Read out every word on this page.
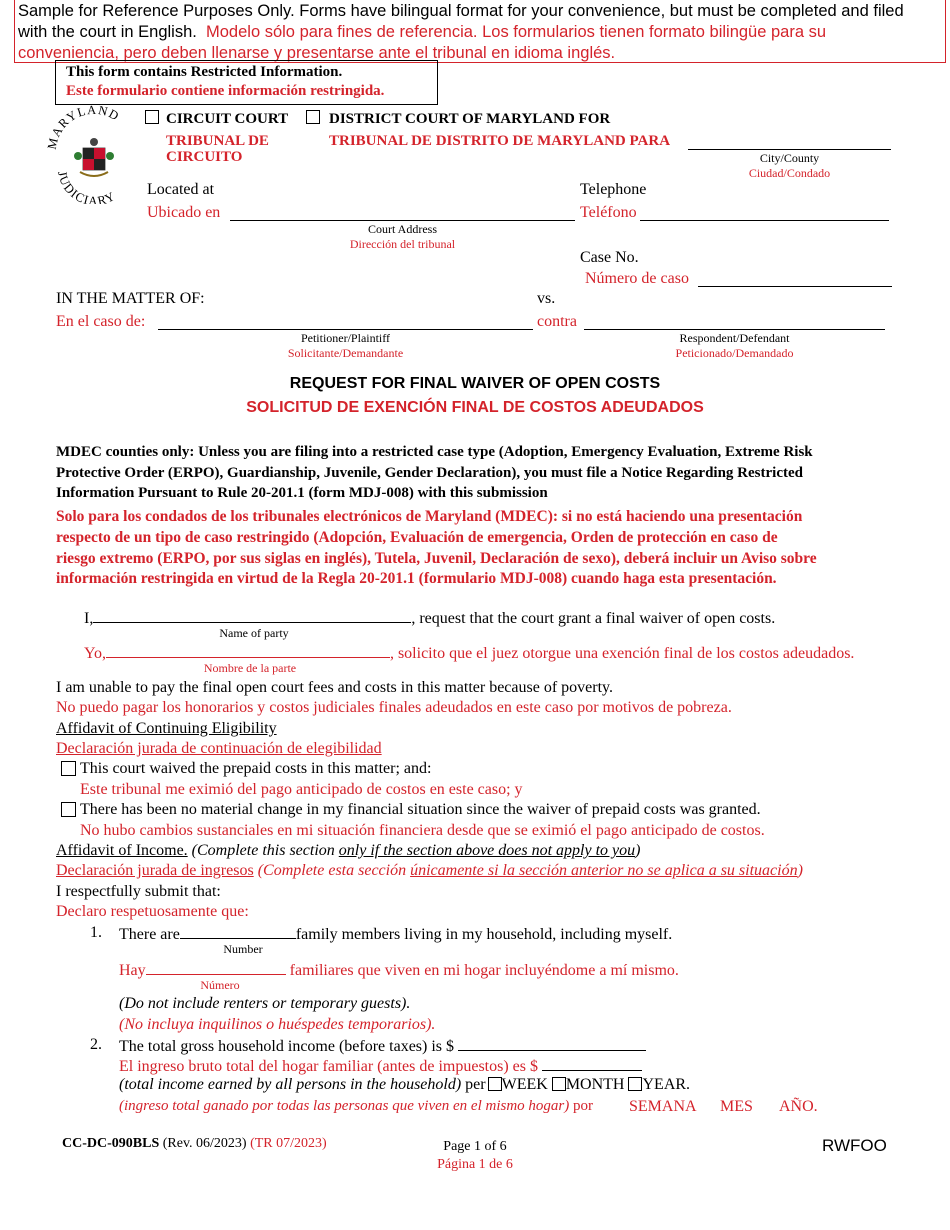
Sample for Reference Purposes Only. Forms have bilingual format for your convenience, but must be completed and filed
with the court in English. Modelo sólo para fines de referencia. Los formularios tienen formato bilingüe para su
conveniencia, pero deben llenarse y presentarse ante el tribunal en idioma inglés.
This form contains Restricted Information.
Este formulario contiene información restringida.
MARYLAND
JUDICIARY
CIRCUIT COURT
TRIBUNAL DE
CIRCUITO
DISTRICT COURT OF MARYLAND FOR
TRIBUNAL DE DISTRITO DE MARYLAND PARA
City/County
Ciudad/Condado
Located at
Ubicado en
Court Address
Dirección del tribunal
Telephone
Teléfono
Case No.
Número de caso
IN THE MATTER OF:
En el caso de:
Petitioner/Plaintiff
Solicitante/Demandante
vs.
contra
Respondent/Defendant
Peticionado/Demandado
REQUEST FOR FINAL WAIVER OF OPEN COSTS
SOLICITUD DE EXENCIÓN FINAL DE COSTOS ADEUDADOS
MDEC counties only: Unless you are filing into a restricted case type (Adoption, Emergency Evaluation, Extreme Risk
Protective Order (ERPO), Guardianship, Juvenile, Gender Declaration), you must file a Notice Regarding Restricted
Information Pursuant to Rule 20-201.1 (form MDJ-008) with this submission
Solo para los condados de los tribunales electrónicos de Maryland (MDEC): si no está haciendo una presentación
respecto de un tipo de caso restringido (Adopción, Evaluación de emergencia, Orden de protección en caso de
riesgo extremo (ERPO, por sus siglas en inglés), Tutela, Juvenil, Declaración de sexo), deberá incluir un Aviso sobre
información restringida en virtud de la Regla 20-201.1 (formulario MDJ-008) cuando haga esta presentación.
I,	, request that the court grant a final waiver of open costs.
Name of party
Yo,	, solicito que el juez otorgue una exención final de los costos adeudados.
Nombre de la parte
I am unable to pay the final open court fees and costs in this matter because of poverty.
No puedo pagar los honorarios y costos judiciales finales adeudados en este caso por motivos de pobreza.
Affidavit of Continuing Eligibility
Declaración jurada de continuación de elegibilidad
This court waived the prepaid costs in this matter; and:
Este tribunal me eximió del pago anticipado de costos en este caso; y
There has been no material change in my financial situation since the waiver of prepaid costs was granted.
No hubo cambios sustanciales en mi situación financiera desde que se eximió el pago anticipado de costos.
Affidavit of Income. (Complete this section only if the section above does not apply to you)
Declaración jurada de ingresos (Complete esta sección únicamente si la sección anterior no se aplica a su situación)
I respectfully submit that:
Declaro respetuosamente que:
1. There are	family members living in my household, including myself.
Number
Hay	familiares que viven en mi hogar incluyéndome a mí mismo.
Número
(Do not include renters or temporary guests).
(No incluya inquilinos o huéspedes temporarios).
2. The total gross household income (before taxes) is $
El ingreso bruto total del hogar familiar (antes de impuestos) es $
(total income earned by all persons in the household) per WEEK MONTH YEAR.
(ingreso total ganado por todas las personas que viven en el mismo hogar) por SEMANA MES AÑO.
CC-DC-090BLS (Rev. 06/2023) (TR 07/2023)	Page 1 of 6
Página 1 de 6
RWFOO
